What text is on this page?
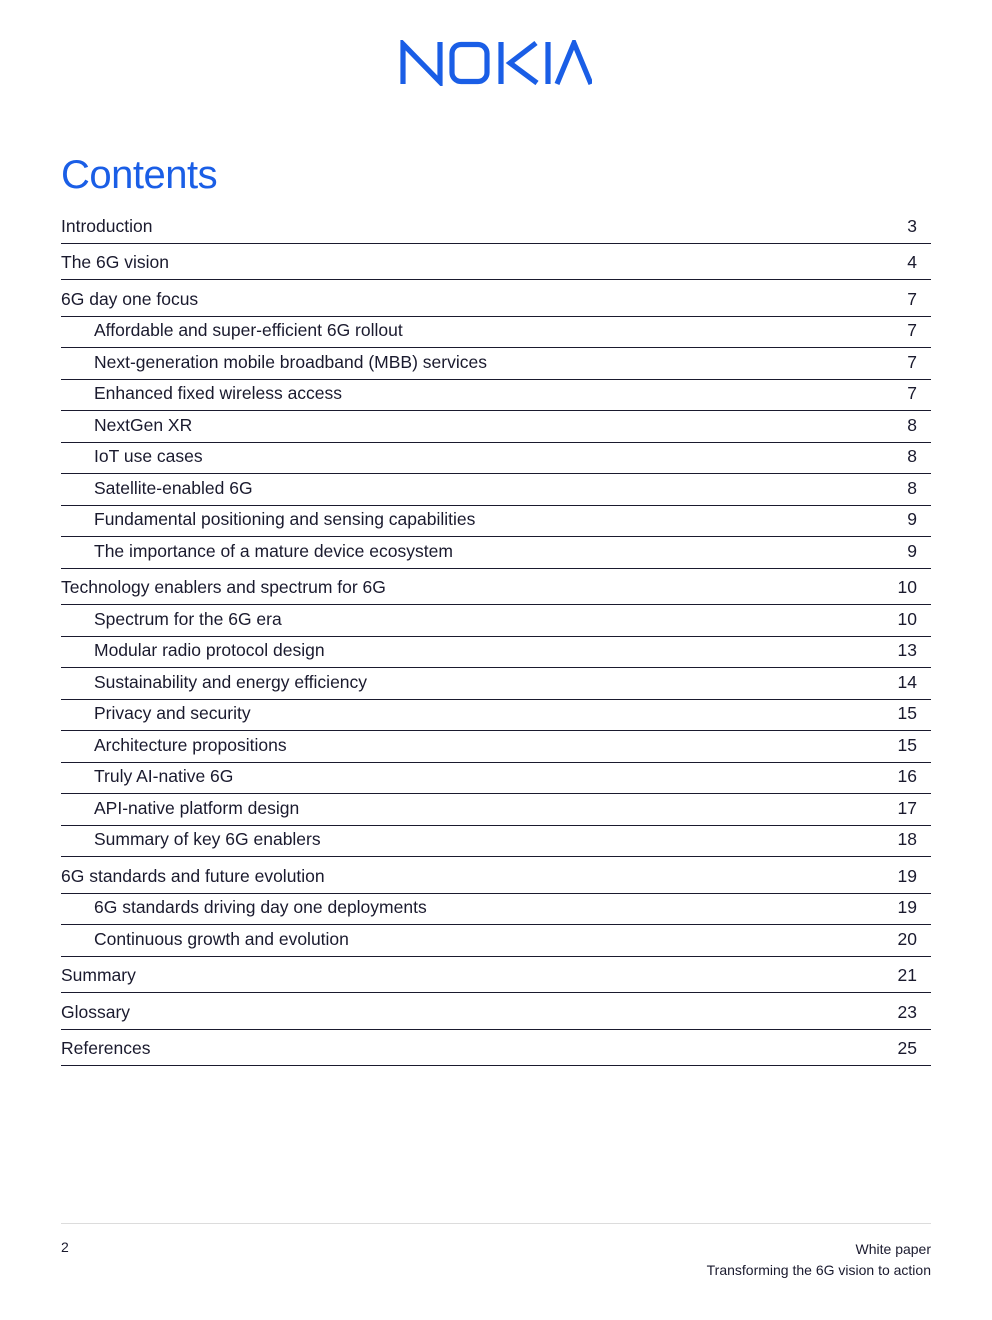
Contents
Introduction	3
The 6G vision	4
6G day one focus	7
Affordable and super-efficient 6G rollout	7
Next-generation mobile broadband (MBB) services	7
Enhanced fixed wireless access	7
NextGen XR	8
IoT use cases	8
Satellite-enabled 6G	8
Fundamental positioning and sensing capabilities	9
The importance of a mature device ecosystem	9
Technology enablers and spectrum for 6G	10
Spectrum for the 6G era	10
Modular radio protocol design	13
Sustainability and energy efficiency	14
Privacy and security	15
Architecture propositions	15
Truly AI-native 6G	16
API-native platform design	17
Summary of key 6G enablers	18
6G standards and future evolution	19
6G standards driving day one deployments	19
Continuous growth and evolution	20
Summary	21
Glossary	23
References	25
2	White paper
Transforming the 6G vision to action
